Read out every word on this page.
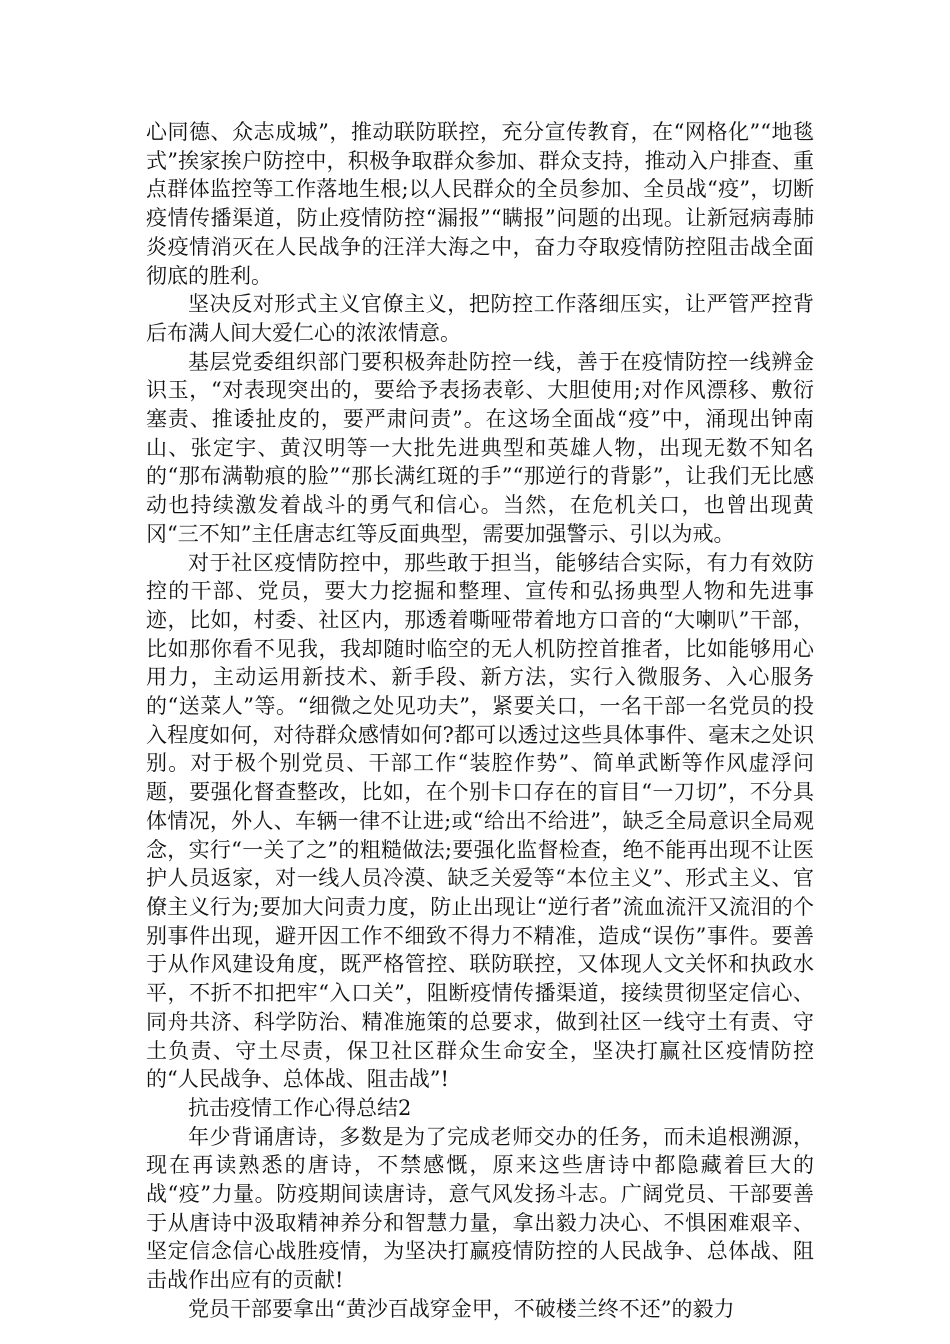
心同德、众志成城”，推动联防联控，充分宣传教育，在“网格化”“地毯式”挨家挨户防控中，积极争取群众参加、群众支持，推动入户排查、重点群体监控等工作落地生根;以人民群众的全员参加、全员战“疫”，切断疫情传播渠道，防止疫情防控“漏报”“瞒报”问题的出现。让新冠病毒肺炎疫情消灭在人民战争的汪洋大海之中，奋力夺取疫情防控阻击战全面彻底的胜利。

坚决反对形式主义官僚主义，把防控工作落细压实，让严管严控背后布满人间大爱仁心的浓浓情意。

基层党委组织部门要积极奔赴防控一线，善于在疫情防控一线辨金识玉，“对表现突出的，要给予表扬表彰、大胆使用;对作风漂移、敷衍塞责、推诿扯皮的，要严肃问责”。在这场全面战“疫”中，涌现出钟南山、张定宇、黄汉明等一大批先进典型和英雄人物，出现无数不知名的“那布满勒痕的脸”“那长满红斑的手”“那逆行的背影”，让我们无比感动也持续激发着战斗的勇气和信心。当然，在危机关口，也曾出现黄冈“三不知”主任唐志红等反面典型，需要加强警示、引以为戒。

对于社区疫情防控中，那些敢于担当，能够结合实际，有力有效防控的干部、党员，要大力挖掘和整理、宣传和弘扬典型人物和先进事迹，比如，村委、社区内，那透着嘶哑带着地方口音的“大喇叭”干部，比如那你看不见我，我却随时临空的无人机防控首推者，比如能够用心用力，主动运用新技术、新手段、新方法，实行入微服务、入心服务的“送菜人”等。“细微之处见功夫”，紧要关口，一名干部一名党员的投入程度如何，对待群众感情如何?都可以透过这些具体事件、毫末之处识别。对于极个别党员、干部工作“装腔作势”、简单武断等作风虚浮问题，要强化督查整改，比如，在个别卡口存在的盲目“一刀切”，不分具体情况，外人、车辆一律不让进;或“给出不给进”，缺乏全局意识全局观念，实行“一关了之”的粗糙做法;要强化监督检查，绝不能再出现不让医护人员返家，对一线人员冷漠、缺乏关爱等“本位主义”、形式主义、官僚主义行为;要加大问责力度，防止出现让“逆行者”流血流汗又流泪的个别事件出现，避开因工作不细致不得力不精准，造成“误伤”事件。要善于从作风建设角度，既严格管控、联防联控，又体现人文关怀和执政水平，不折不扣把牢“入口关”，阻断疫情传播渠道，接续贯彻坚定信心、同舟共济、科学防治、精准施策的总要求，做到社区一线守土有责、守土负责、守土尽责，保卫社区群众生命安全，坚决打赢社区疫情防控的“人民战争、总体战、阻击战”!

抗击疫情工作心得总结2

年少背诵唐诗，多数是为了完成老师交办的任务，而未追根溯源，现在再读熟悉的唐诗，不禁感慨，原来这些唐诗中都隐藏着巨大的战“疫”力量。防疫期间读唐诗，意气风发扬斗志。广阔党员、干部要善于从唐诗中汲取精神养分和智慧力量，拿出毅力决心、不惧困难艰辛、坚定信念信心战胜疫情，为坚决打赢疫情防控的人民战争、总体战、阻击战作出应有的贡献!

党员干部要拿出“黄沙百战穿金甲，不破楼兰终不还”的毅力
